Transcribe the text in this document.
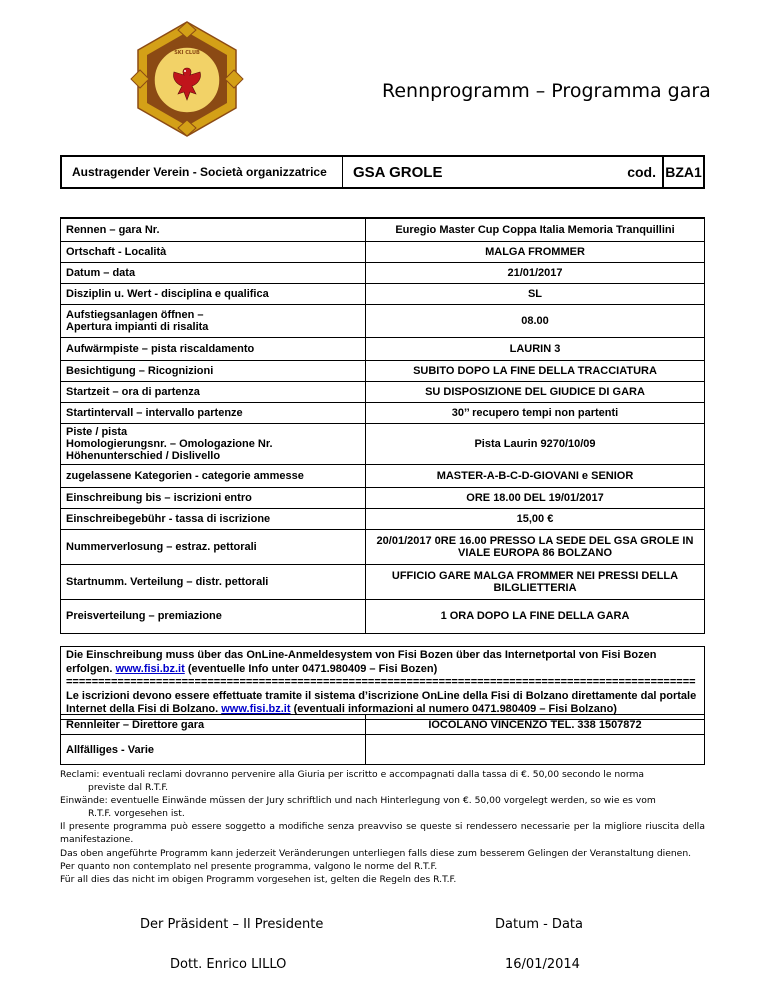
GSA GROLE
SKI CLUB
Rennprogramm – Programma gara
Austragender Verein - Società organizzatrice	GSA GROLE	cod. BZA1
Rennen – gara Nr.	Euregio Master Cup Coppa Italia Memoria Tranquillini
Ortschaft - Località	MALGA FROMMER
Datum – data	21/01/2017
Disziplin u. Wert - disciplina e qualifica	SL
Aufstiegsanlagen öffnen –
Apertura impianti di risalita	08.00
Aufwärmpiste – pista riscaldamento	LAURIN 3
Besichtigung – Ricognizioni	SUBITO DOPO LA FINE DELLA TRACCIATURA
Startzeit – ora di partenza	SU DISPOSIZIONE DEL GIUDICE DI GARA
Startintervall – intervallo partenze	30’’ recupero tempi non partenti
Piste / pista
Homologierungsnr. – Omologazione Nr.
Höhenunterschied / Dislivello	Pista Laurin 9270/10/09
zugelassene Kategorien - categorie ammesse	MASTER-A-B-C-D-GIOVANI e SENIOR
Einschreibung bis – iscrizioni entro	ORE 18.00 DEL 19/01/2017
Einschreibegebühr - tassa di iscrizione	15,00 €
Nummerverlosung – estraz. pettorali	20/01/2017 0RE 16.00 PRESSO LA SEDE DEL GSA GROLE IN
VIALE EUROPA 86 BOLZANO
Startnumm. Verteilung – distr. pettorali	UFFICIO GARE MALGA FROMMER NEI PRESSI DELLA
BILGLIETTERIA
Preisverteilung – premiazione	1 ORA DOPO LA FINE DELLA GARA
Die Einschreibung muss über das OnLine-Anmeldesystem von Fisi Bozen über das Internetportal von Fisi Bozen erfolgen. www.fisi.bz.it (eventuelle Info unter 0471.980409 – Fisi Bozen)
==================================================================================================
Le iscrizioni devono essere effettuate tramite il sistema d’iscrizione OnLine della Fisi di Bolzano direttamente dal portale Internet della Fisi di Bolzano. www.fisi.bz.it (eventuali informazioni al numero 0471.980409 – Fisi Bolzano)
Rennleiter – Direttore gara	IOCOLANO VINCENZO TEL. 338 1507872
Allfälliges - Varie	

Reclami: eventuali reclami dovranno pervenire alla Giuria per iscritto e accompagnati dalla tassa di €. 50,00 secondo le norma

previste dal R.T.F.

Einwände: eventuelle Einwände müssen der Jury schriftlich und nach Hinterlegung von €. 50,00 vorgelegt werden, so wie es vom

R.T.F. vorgesehen ist.

Il presente programma può essere soggetto a modifiche senza preavviso se queste si rendessero necessarie per la migliore riuscita della manifestazione.

Das oben angeführte Programm kann jederzeit Veränderungen unterliegen falls diese zum besserem Gelingen der Veranstaltung dienen.

Per quanto non contemplato nel presente programma, valgono le norme del R.T.F.

Für all dies das nicht im obigen Programm vorgesehen ist, gelten die Regeln des R.T.F.

Der Präsident – Il Presidente
Dott. Enrico LILLO
Datum - Data
16/01/2014
